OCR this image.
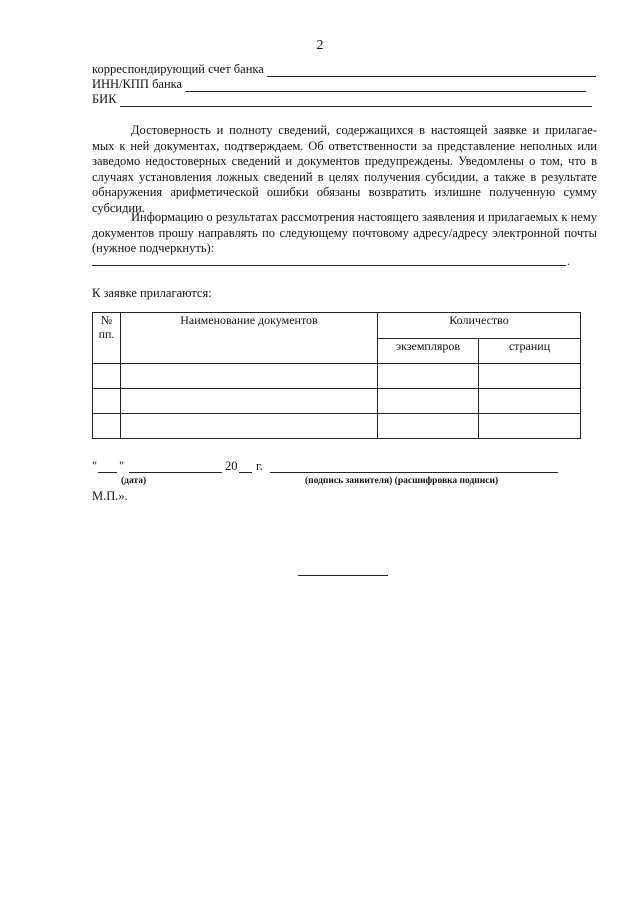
2
корреспондирующий счет банка
ИНН/КПП банка
БИК
Достоверность и полноту сведений, содержащихся в настоящей заявке и прилагае- мых к ней документах, подтверждаем. Об ответственности за представление неполных или заведомо недостоверных сведений и документов предупреждены. Уведомлены о том, что в случаях установления ложных сведений в целях получения субсидии, а также в результате обнаружения арифметической ошибки обязаны возвратить излишне полученную сумму субсидии.

Информацию о результатах рассмотрения настоящего заявления и прилагаемых к нему документов прошу направлять по следующему почтовому адресу/адресу электронной почты (нужное подчеркнуть):

.
К заявке прилагаются:
№ пп.	Наименование документов	Количество	
		экземпляров	страниц

" "	20 г.
(дата)	(подпись заявителя) (расшифровка подписи)
М.П.».
